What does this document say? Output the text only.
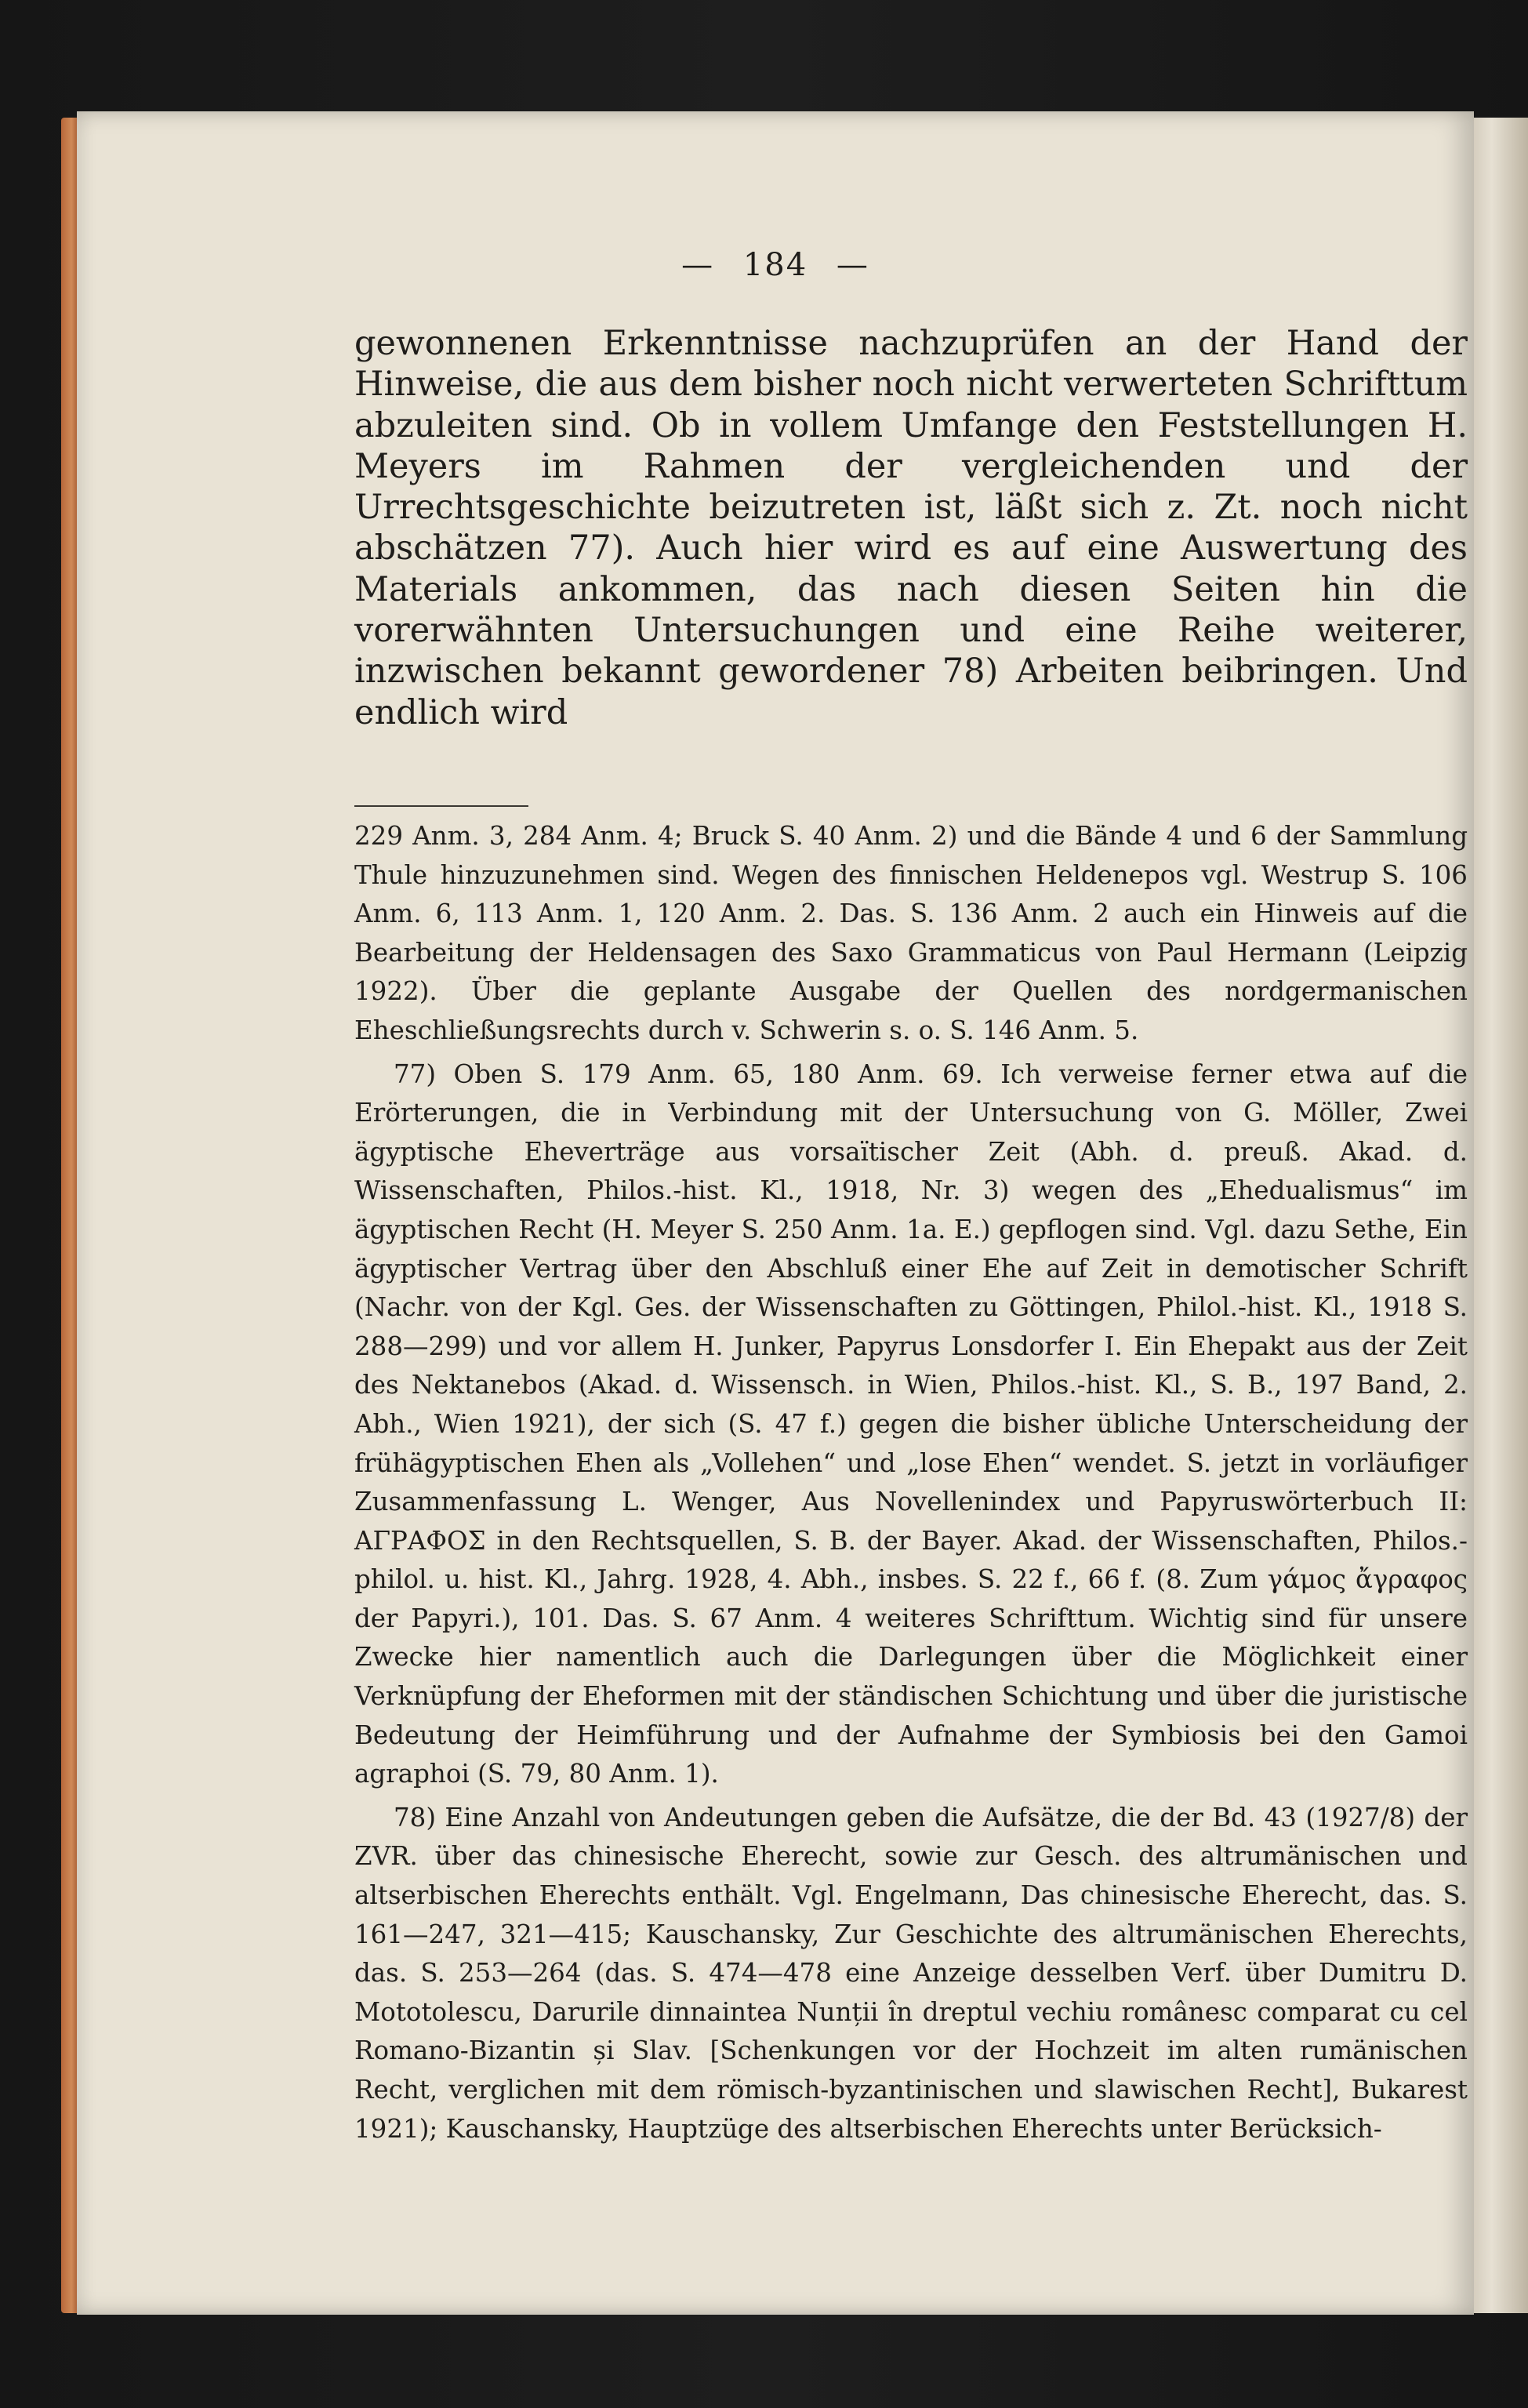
— 184 —

gewonnenen Erkenntnisse nachzuprüfen an der Hand der Hinweise, die aus dem bisher noch nicht verwerteten Schrifttum abzuleiten sind. Ob in vollem Umfange den Feststellungen H. Meyers im Rahmen der vergleichenden und der Urrechtsgeschichte beizutreten ist, läßt sich z. Zt. noch nicht abschätzen 77). Auch hier wird es auf eine Auswertung des Materials ankommen, das nach diesen Seiten hin die vorerwähnten Untersuchungen und eine Reihe weiterer, inzwischen bekannt gewordener 78) Arbeiten beibringen. Und endlich wird

229 Anm. 3, 284 Anm. 4; Bruck S. 40 Anm. 2) und die Bände 4 und 6 der Sammlung Thule hinzuzunehmen sind. Wegen des finnischen Heldenepos vgl. Westrup S. 106 Anm. 6, 113 Anm. 1, 120 Anm. 2. Das. S. 136 Anm. 2 auch ein Hinweis auf die Bearbeitung der Heldensagen des Saxo Grammaticus von Paul Hermann (Leipzig 1922). Über die geplante Ausgabe der Quellen des nordgermanischen Eheschließungsrechts durch v. Schwerin s. o. S. 146 Anm. 5.

77) Oben S. 179 Anm. 65, 180 Anm. 69. Ich verweise ferner etwa auf die Erörterungen, die in Verbindung mit der Untersuchung von G. Möller, Zwei ägyptische Eheverträge aus vorsaïtischer Zeit (Abh. d. preuß. Akad. d. Wissenschaften, Philos.-hist. Kl., 1918, Nr. 3) wegen des „Ehedualismus“ im ägyptischen Recht (H. Meyer S. 250 Anm. 1a. E.) gepflogen sind. Vgl. dazu Sethe, Ein ägyptischer Vertrag über den Abschluß einer Ehe auf Zeit in demotischer Schrift (Nachr. von der Kgl. Ges. der Wissenschaften zu Göttingen, Philol.-hist. Kl., 1918 S. 288—299) und vor allem H. Junker, Papyrus Lonsdorfer I. Ein Ehepakt aus der Zeit des Nektanebos (Akad. d. Wissensch. in Wien, Philos.-hist. Kl., S. B., 197 Band, 2. Abh., Wien 1921), der sich (S. 47 f.) gegen die bisher übliche Unterscheidung der frühägyptischen Ehen als „Vollehen“ und „lose Ehen“ wendet. S. jetzt in vorläufiger Zusammenfassung L. Wenger, Aus Novellenindex und Papyruswörterbuch II: ΑΓΡΑΦΟΣ in den Rechtsquellen, S. B. der Bayer. Akad. der Wissenschaften, Philos.-philol. u. hist. Kl., Jahrg. 1928, 4. Abh., insbes. S. 22 f., 66 f. (8. Zum γάμος ἄγραφος der Papyri.), 101. Das. S. 67 Anm. 4 weiteres Schrifttum. Wichtig sind für unsere Zwecke hier namentlich auch die Darlegungen über die Möglichkeit einer Verknüpfung der Eheformen mit der ständischen Schichtung und über die juristische Bedeutung der Heimführung und der Aufnahme der Symbiosis bei den Gamoi agraphoi (S. 79, 80 Anm. 1).

78) Eine Anzahl von Andeutungen geben die Aufsätze, die der Bd. 43 (1927/8) der ZVR. über das chinesische Eherecht, sowie zur Gesch. des altrumänischen und altserbischen Eherechts enthält. Vgl. Engelmann, Das chinesische Eherecht, das. S. 161—247, 321—415; Kauschansky, Zur Geschichte des altrumänischen Eherechts, das. S. 253—264 (das. S. 474—478 eine Anzeige desselben Verf. über Dumitru D. Mototolescu, Darurile dinnaintea Nunții în dreptul vechiu românesc comparat cu cel Romano-Bizantin și Slav. [Schenkungen vor der Hochzeit im alten rumänischen Recht, verglichen mit dem römisch-byzantinischen und slawischen Recht], Bukarest 1921); Kauschansky, Hauptzüge des altserbischen Eherechts unter Berücksich-
